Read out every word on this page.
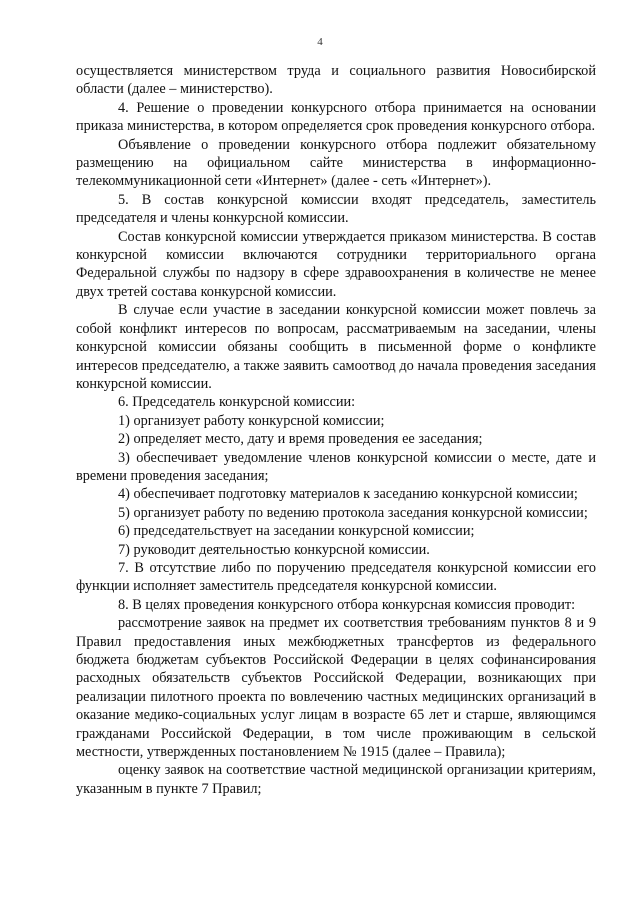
4

осуществляется министерством труда и социального развития Новосибирской области (далее – министерство).

4. Решение о проведении конкурсного отбора принимается на основании приказа министерства, в котором определяется срок проведения конкурсного отбора.

Объявление о проведении конкурсного отбора подлежит обязательному размещению на официальном сайте министерства в информационно-телекоммуникационной сети «Интернет» (далее - сеть «Интернет»).

5. В состав конкурсной комиссии входят председатель, заместитель председателя и члены конкурсной комиссии.

Состав конкурсной комиссии утверждается приказом министерства. В состав конкурсной комиссии включаются сотрудники территориального органа Федеральной службы по надзору в сфере здравоохранения в количестве не менее двух третей состава конкурсной комиссии.

В случае если участие в заседании конкурсной комиссии может повлечь за собой конфликт интересов по вопросам, рассматриваемым на заседании, члены конкурсной комиссии обязаны сообщить в письменной форме о конфликте интересов председателю, а также заявить самоотвод до начала проведения заседания конкурсной комиссии.

6. Председатель конкурсной комиссии:

1) организует работу конкурсной комиссии;

2) определяет место, дату и время проведения ее заседания;

3) обеспечивает уведомление членов конкурсной комиссии о месте, дате и времени проведения заседания;

4) обеспечивает подготовку материалов к заседанию конкурсной комиссии;

5) организует работу по ведению протокола заседания конкурсной комиссии;

6) председательствует на заседании конкурсной комиссии;

7) руководит деятельностью конкурсной комиссии.

7. В отсутствие либо по поручению председателя конкурсной комиссии его функции исполняет заместитель председателя конкурсной комиссии.

8. В целях проведения конкурсного отбора конкурсная комиссия проводит:

рассмотрение заявок на предмет их соответствия требованиям пунктов 8 и 9 Правил предоставления иных межбюджетных трансфертов из федерального бюджета бюджетам субъектов Российской Федерации в целях софинансирования расходных обязательств субъектов Российской Федерации, возникающих при реализации пилотного проекта по вовлечению частных медицинских организаций в оказание медико-социальных услуг лицам в возрасте 65 лет и старше, являющимся гражданами Российской Федерации, в том числе проживающим в сельской местности, утвержденных постановлением № 1915 (далее – Правила);

оценку заявок на соответствие частной медицинской организации критериям, указанным в пункте 7 Правил;
